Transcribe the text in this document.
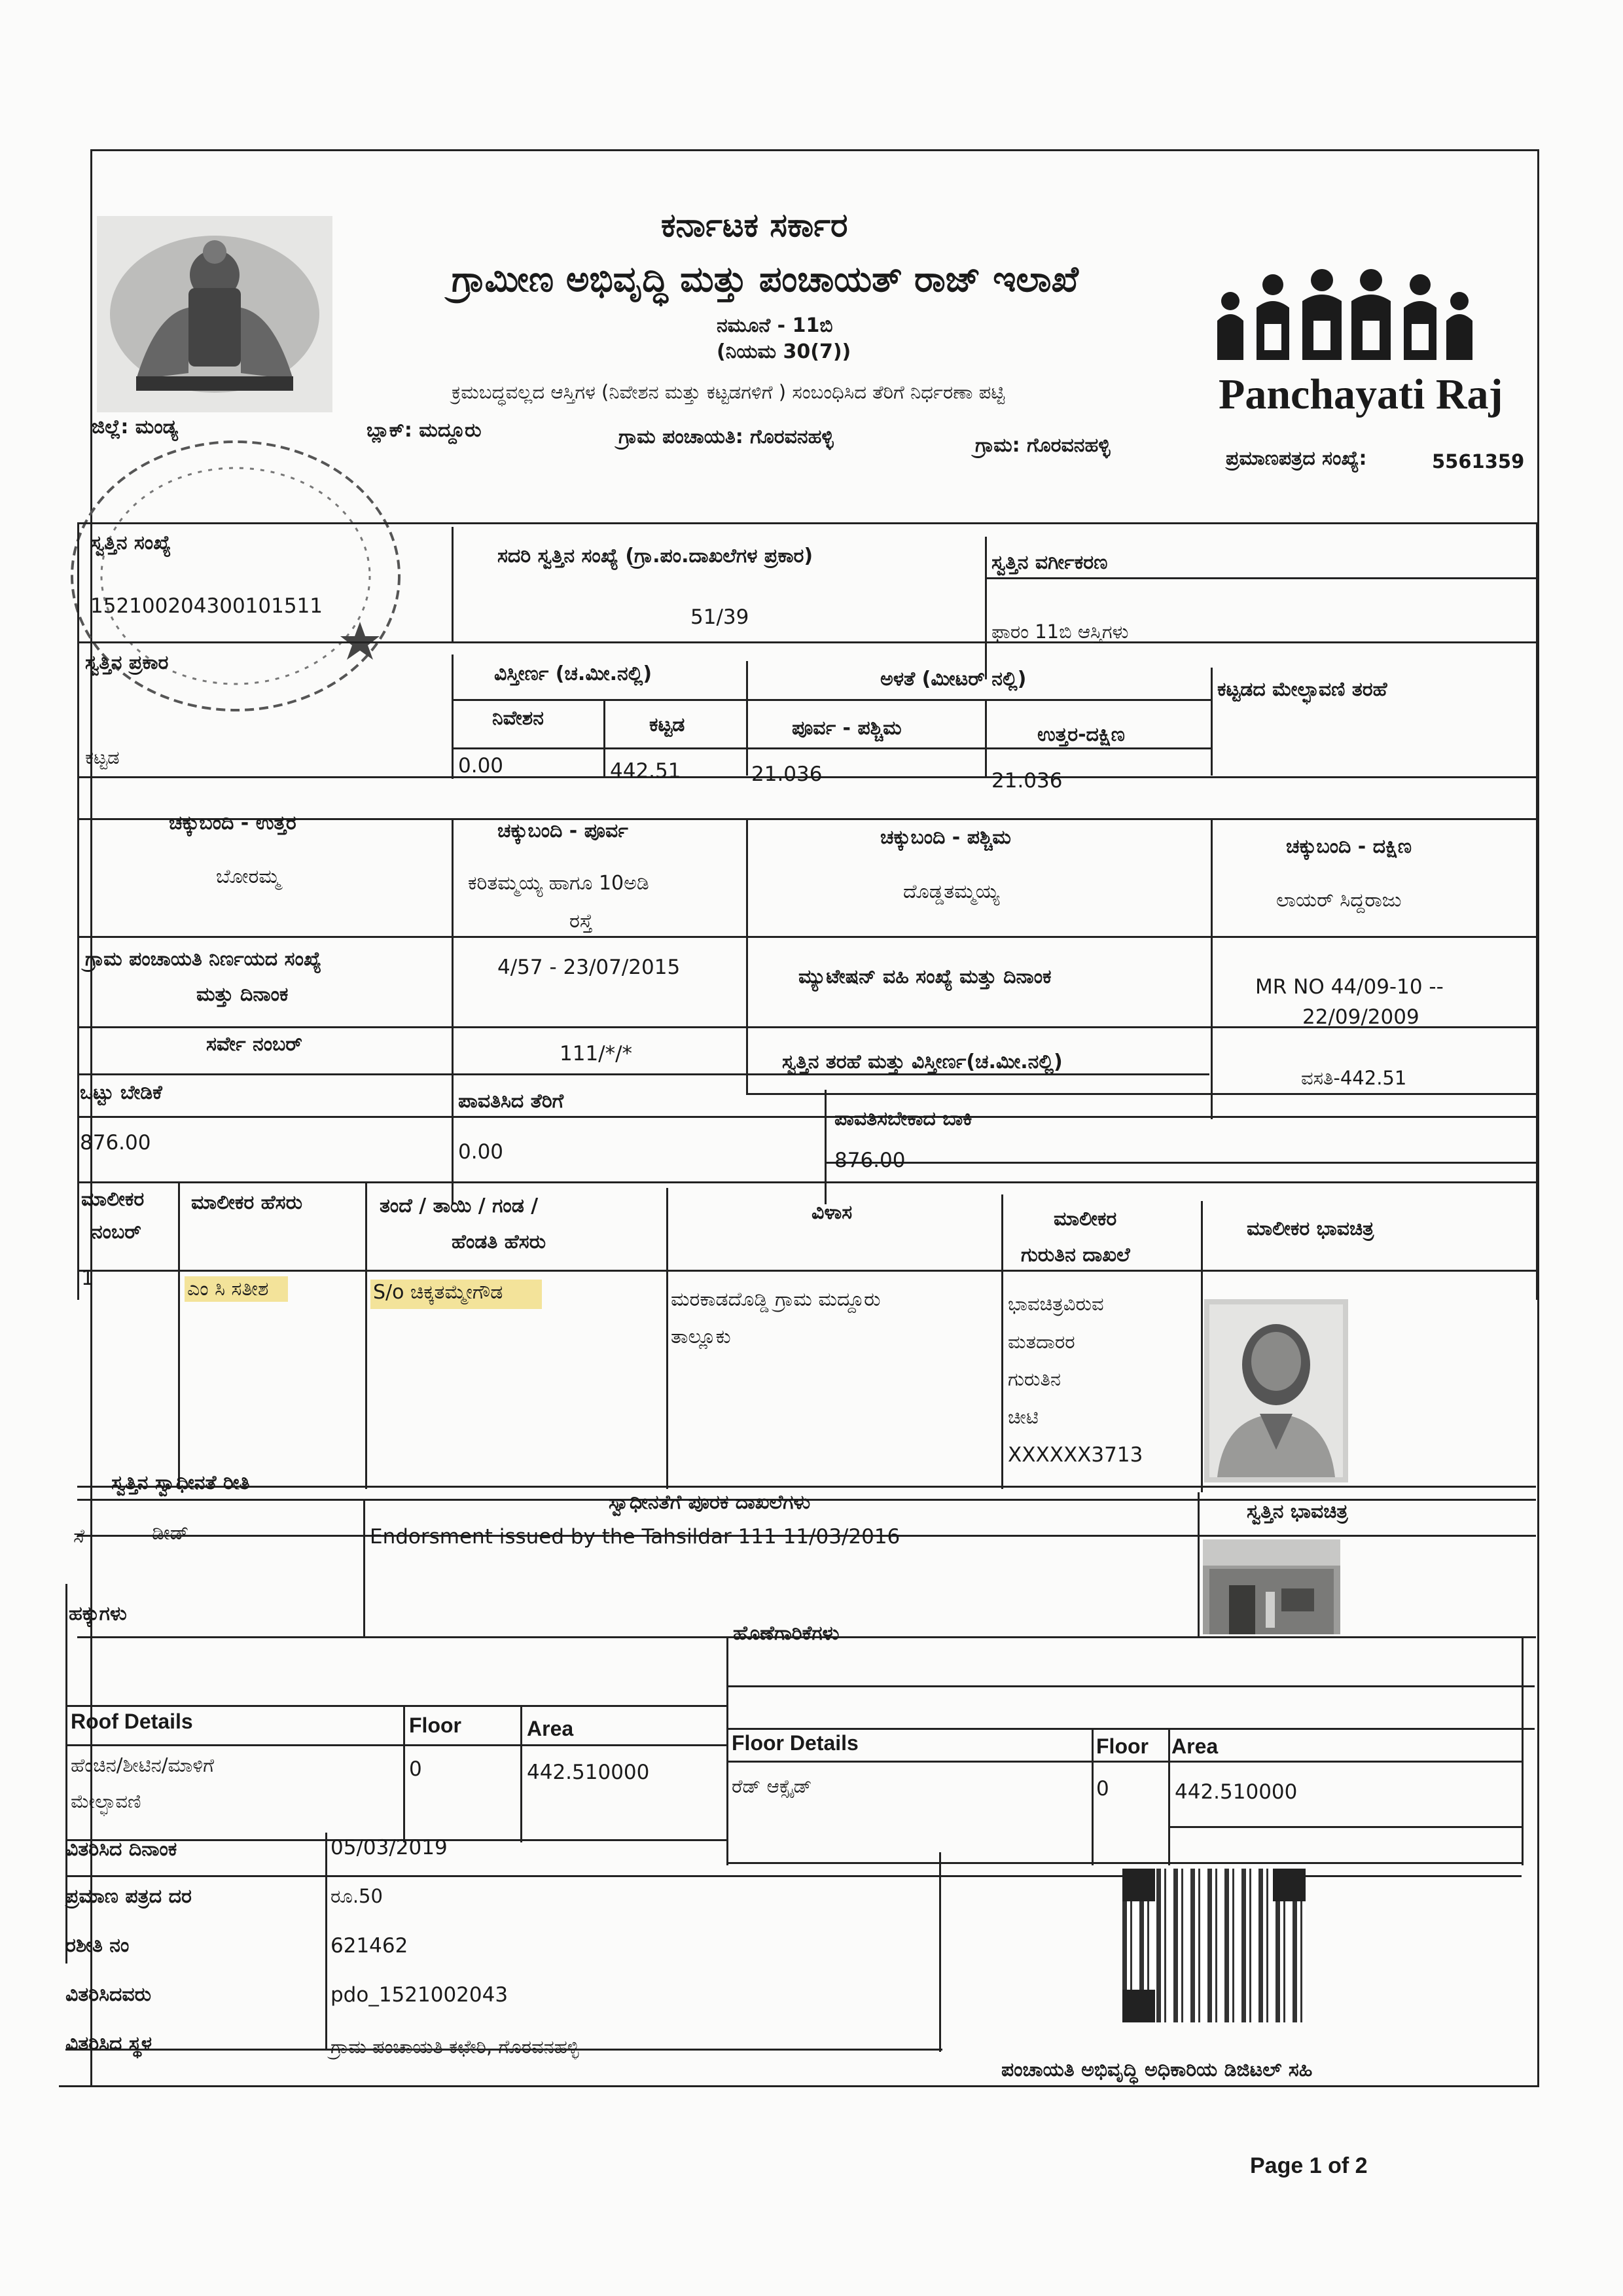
Panchayati Raj
ಕರ್ನಾಟಕ ಸರ್ಕಾರ
ಗ್ರಾಮೀಣ ಅಭಿವೃದ್ಧಿ ಮತ್ತು ಪಂಚಾಯತ್ ರಾಜ್ ಇಲಾಖೆ
ನಮೂನೆ - 11ಬಿ
(ನಿಯಮ 30(7))
ಕ್ರಮಬದ್ಧವಲ್ಲದ ಆಸ್ತಿಗಳ (ನಿವೇಶನ ಮತ್ತು ಕಟ್ಟಡಗಳಿಗೆ ) ಸಂಬಂಧಿಸಿದ ತೆರಿಗೆ ನಿರ್ಧರಣಾ ಪಟ್ಟಿ
ಜಿಲ್ಲೆ: ಮಂಡ್ಯ	ಬ್ಲಾಕ್: ಮದ್ದೂರು	ಗ್ರಾಮ ಪಂಚಾಯತಿ: ಗೊರವನಹಳ್ಳಿ	ಗ್ರಾಮ: ಗೊರವನಹಳ್ಳಿ
ಪ್ರಮಾಣಪತ್ರದ ಸಂಖ್ಯೆ:	5561359
ಸ್ವತ್ತಿನ ಸಂಖ್ಯೆ
152100204300101511
ಸದರಿ ಸ್ವತ್ತಿನ ಸಂಖ್ಯೆ (ಗ್ರಾ.ಪಂ.ದಾಖಲೆಗಳ ಪ್ರಕಾರ)
51/39
ಸ್ವತ್ತಿನ ವರ್ಗೀಕರಣ
ಫಾರಂ 11ಬಿ ಆಸ್ತಿಗಳು
ಸ್ವತ್ತಿನ ಪ್ರಕಾರ
ಕಟ್ಟಡ
ವಿಸ್ತೀರ್ಣ (ಚ.ಮೀ.ನಲ್ಲಿ)	ಅಳತೆ (ಮೀಟರ್ ನಲ್ಲಿ)	ಕಟ್ಟಡದ ಮೇಲ್ಛಾವಣಿ ತರಹೆ
ನಿವೇಶನ	ಕಟ್ಟಡ	ಪೂರ್ವ - ಪಶ್ಚಿಮ	ಉತ್ತರ-ದಕ್ಷಿಣ
0.00	442.51	21.036	21.036
ಚಕ್ಕುಬಂದಿ - ಉತ್ತರ	ಚಕ್ಕುಬಂದಿ - ಪೂರ್ವ	ಚಕ್ಕುಬಂದಿ - ಪಶ್ಚಿಮ	ಚಕ್ಕುಬಂದಿ - ದಕ್ಷಿಣ
ಬೋರಮ್ಮ	ಕರಿತಮ್ಮಯ್ಯ ಹಾಗೂ 10ಅಡಿ
ರಸ್ತೆ
ದೊಡ್ಡತಮ್ಮಯ್ಯ	ಲಾಯರ್ ಸಿದ್ದರಾಜು
ಗ್ರಾಮ ಪಂಚಾಯತಿ ನಿರ್ಣಯದ ಸಂಖ್ಯೆ
ಮತ್ತು ದಿನಾಂಕ
4/57 - 23/07/2015	ಮ್ಯುಟೇಷನ್ ವಹಿ ಸಂಖ್ಯೆ ಮತ್ತು ದಿನಾಂಕ	MR NO 44/09-10 --
22/09/2009
ಸರ್ವೇ ನಂಬರ್	111/*/*	ಸ್ವತ್ತಿನ ತರಹೆ ಮತ್ತು ವಿಸ್ತೀರ್ಣ(ಚ.ಮೀ.ನಲ್ಲಿ)
ವಸತಿ-442.51
ಒಟ್ಟು ಬೇಡಿಕೆ
876.00
ಪಾವತಿಸಿದ ತೆರಿಗೆ
0.00
ಪಾವತಿಸಬೇಕಾದ ಬಾಕಿ
876.00
ಮಾಲೀಕರ
ನಂಬರ್
ಮಾಲೀಕರ ಹೆಸರು	ತಂದೆ / ತಾಯಿ / ಗಂಡ /
ಹೆಂಡತಿ ಹೆಸರು
ವಿಳಾಸ	ಮಾಲೀಕರ
ಗುರುತಿನ ದಾಖಲೆ
ಮಾಲೀಕರ ಭಾವಚಿತ್ರ
1	ಎಂ ಸಿ ಸತೀಶ	S/o ಚಿಕ್ಕತಮ್ಮೇಗೌಡ	ಮರಕಾಡದೊಡ್ಡಿ ಗ್ರಾಮ ಮದ್ದೂರು
ತಾಲ್ಲೂಕು
ಭಾವಚಿತ್ರವಿರುವ
ಮತದಾರರ
ಗುರುತಿನ
ಚೀಟಿ
XXXXXX3713
ಸ್ವತ್ತಿನ ಸ್ವಾಧೀನತೆ ರೀತಿ
ಸೆ	ಡೀಡ್
ಸ್ವಾಧೀನತೆಗೆ ಪೂರಕ ದಾಖಲೆಗಳು
Endorsment issued by the Tahsildar 111 11/03/2016
ಸ್ವತ್ತಿನ ಭಾವಚಿತ್ರ
ಹಕ್ಕುಗಳು
ಹೊಣೆಗಾರಿಕೆಗಳು
Roof Details	Floor	Area
ಹೆಂಚಿನ/ಶೀಟಿನ/ಮಾಳಿಗೆ
ಮೇಲ್ಛಾವಣಿ
0	442.510000
Floor Details	Floor Area
ರೆಡ್ ಆಕ್ಸೈಡ್	0	442.510000
ವಿತರಿಸಿದ ದಿನಾಂಕ	05/03/2019
ಪ್ರಮಾಣ ಪತ್ರದ ದರ	ರೂ.50
ರಶೀತಿ ನಂ	621462
ವಿತರಿಸಿದವರು	pdo_1521002043
ವಿತರಿಸಿದ ಸ್ಥಳ	ಗ್ರಾಮ ಪಂಚಾಯತಿ ಕಛೇರಿ, ಗೊರವನಹಳ್ಳಿ
ಪಂಚಾಯತಿ ಅಭಿವೃದ್ಧಿ ಅಧಿಕಾರಿಯ ಡಿಜಿಟಲ್ ಸಹಿ
Page 1 of 2
